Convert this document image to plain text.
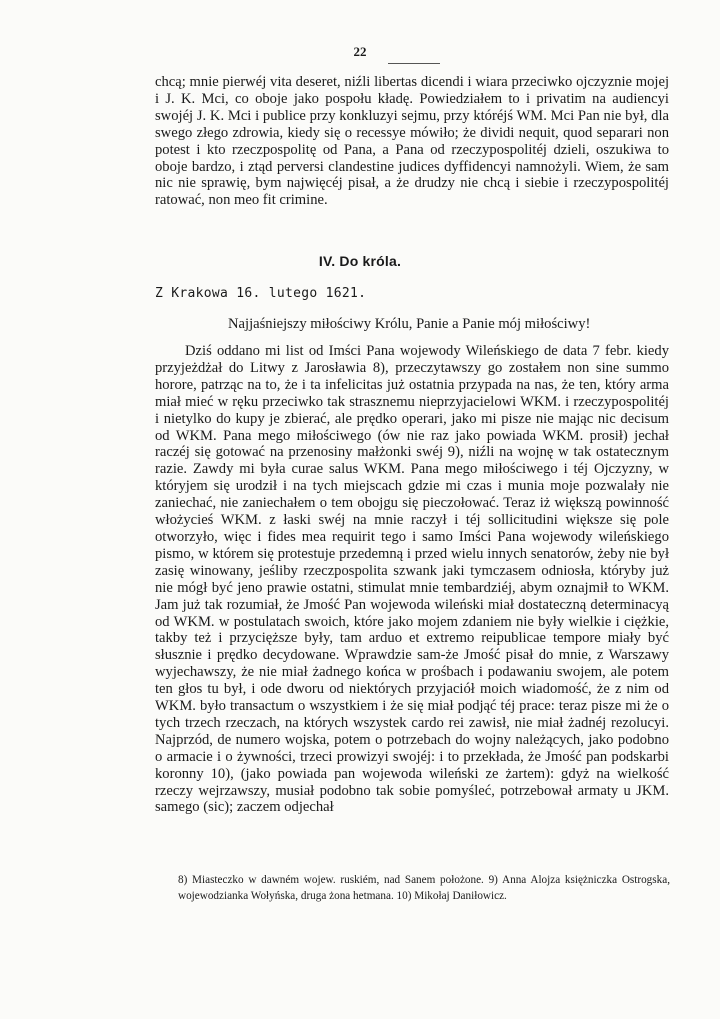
22

chcą; mnie pierwéj vita deseret, niźli libertas dicendi i wiara przeciwko ojczyznie mojej i J. K. Mci, co oboje jako pospołu kładę. Powiedziałem to i privatim na audiencyi swojéj J. K. Mci i publice przy konkluzyi sejmu, przy któréjś WM. Mci Pan nie był, dla swego złego zdrowia, kiedy się o recessye mówiło; że dividi nequit, quod separari non potest i kto rzeczpospolitę od Pana, a Pana od rzeczypospolitéj dzieli, oszukiwa to oboje bardzo, i ztąd perversi clandestine judices dyffidencyi namnożyli. Wiem, że sam nic nie sprawię, bym najwięcéj pisał, a że drudzy nie chcą i siebie i rzeczypospolitéj ratować, non meo fit crimine.

IV. Do króla.
Z Krakowa 16. lutego 1621.
Najjaśniejszy miłościwy Królu, Panie a Panie mój miłościwy!

Dziś oddano mi list od Imści Pana wojewody Wileńskiego de data 7 febr. kiedy przyjeżdżał do Litwy z Jarosławia 8), przeczytawszy go zostałem non sine summo horore, patrząc na to, że i ta infelicitas już ostatnia przypada na nas, że ten, który arma miał mieć w ręku przeciwko tak strasznemu nieprzyjacielowi WKM. i rzeczypospolitéj i nietylko do kupy je zbierać, ale prędko operari, jako mi pisze nie mając nic decisum od WKM. Pana mego miłościwego (ów nie raz jako powiada WKM. prosił) jechał raczéj się gotować na przenosiny małżonki swéj 9), niźli na wojnę w tak ostatecznym razie. Zawdy mi była curae salus WKM. Pana mego miłościwego i téj Ojczyzny, w któryjem się urodził i na tych miejscach gdzie mi czas i munia moje pozwalały nie zaniechać, nie zaniechałem o tem obojgu się pieczołować. Teraz iż większą powinność włożycieś WKM. z łaski swéj na mnie raczył i téj sollicitudini większe się pole otworzyło, więc i fides mea requirit tego i samo Imści Pana wojewody wileńskiego pismo, w którem się protestuje przedemną i przed wielu innych senatorów, żeby nie był zasię winowany, jeśliby rzeczpospolita szwank jaki tymczasem odniosła, któryby już nie mógł być jeno prawie ostatni, stimulat mnie tembardziéj, abym oznajmił to WKM. Jam już tak rozumiał, że Jmość Pan wojewoda wileński miał dostateczną determinacyą od WKM. w postulatach swoich, które jako mojem zdaniem nie były wielkie i ciężkie, takby też i przycięższe były, tam arduo et extremo reipublicae tempore miały być słusznie i prędko decydowane. Wprawdzie sam-że Jmość pisał do mnie, z Warszawy wyjechawszy, że nie miał żadnego końca w prośbach i podawaniu swojem, ale potem ten głos tu był, i ode dworu od niektórych przyjaciół moich wiadomość, że z nim od WKM. było transactum o wszystkiem i że się miał podjąć téj prace: teraz pisze mi że o tych trzech rzeczach, na których wszystek cardo rei zawisł, nie miał żadnéj rezolucyi. Najprzód, de numero wojska, potem o potrzebach do wojny należących, jako podobno o armacie i o żywności, trzeci prowizyi swojéj: i to przekłada, że Jmość pan podskarbi koronny 10), (jako powiada pan wojewoda wileński ze żartem): gdyż na wielkość rzeczy wejrzawszy, musiał podobno tak sobie pomyśleć, potrzebował armaty u JKM. samego (sic); zaczem odjechał

8) Miasteczko w dawném wojew. ruskiém, nad Sanem położone. 9) Anna Alojza księżniczka Ostrogska, wojewodzianka Wołyńska, druga żona hetmana. 10) Mikołaj Daniłowicz.
